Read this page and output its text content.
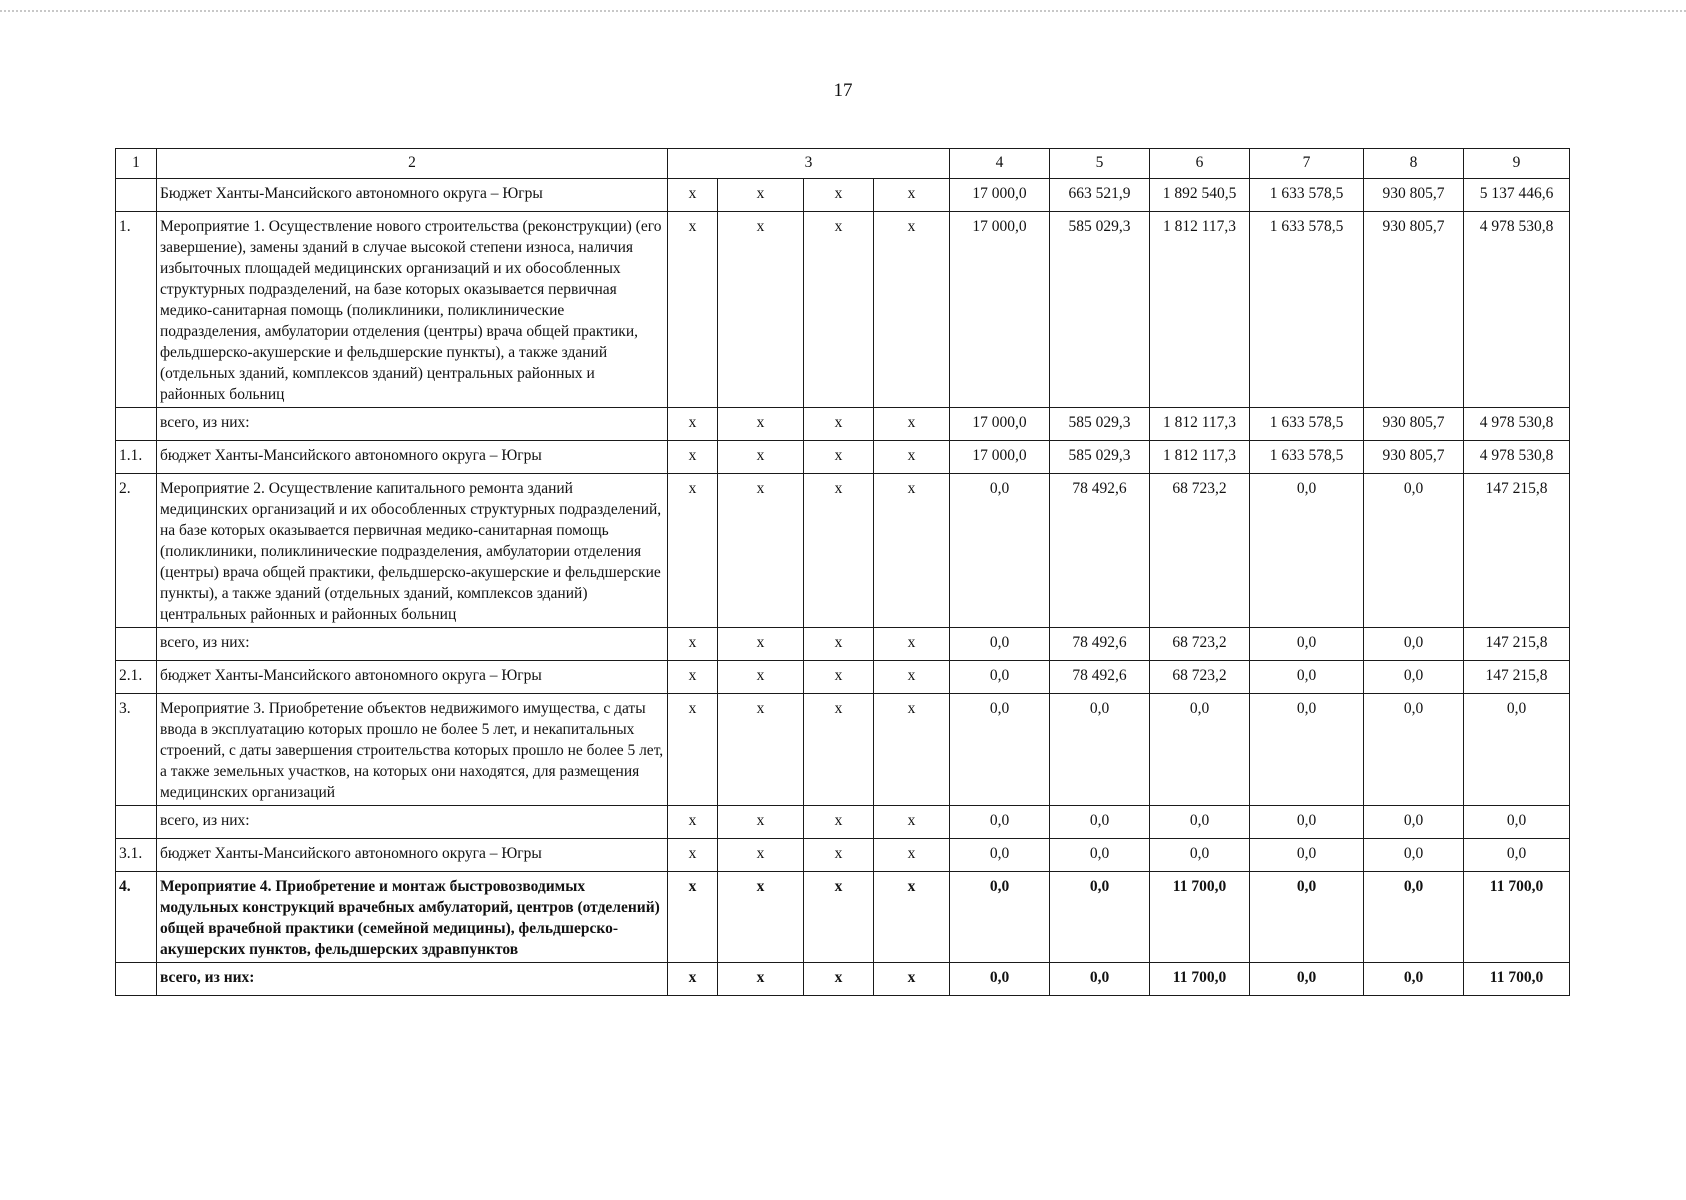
17
1	2	3				4	5	6	7	8	9
	Бюджет Ханты-Мансийского автономного округа – Югры	x	x	x	x	17 000,0	663 521,9	1 892 540,5	1 633 578,5	930 805,7	5 137 446,6
1.	Мероприятие 1. Осуществление нового строительства (реконструкции) (его завершение), замены зданий в случае высокой степени износа, наличия избыточных площадей медицинских организаций и их обособленных структурных подразделений, на базе которых оказывается первичная медико-санитарная помощь (поликлиники, поликлинические подразделения, амбулатории отделения (центры) врача общей практики, фельдшерско-акушерские и фельдшерские пункты), а также зданий (отдельных зданий, комплексов зданий) центральных районных и районных больниц	x	x	x	x	17 000,0	585 029,3	1 812 117,3	1 633 578,5	930 805,7	4 978 530,8
	всего, из них:	x	x	x	x	17 000,0	585 029,3	1 812 117,3	1 633 578,5	930 805,7	4 978 530,8
1.1.	бюджет Ханты-Мансийского автономного округа – Югры	x	x	x	x	17 000,0	585 029,3	1 812 117,3	1 633 578,5	930 805,7	4 978 530,8
2.	Мероприятие 2. Осуществление капитального ремонта зданий медицинских организаций и их обособленных структурных подразделений, на базе которых оказывается первичная медико-санитарная помощь (поликлиники, поликлинические подразделения, амбулатории отделения (центры) врача общей практики, фельдшерско-акушерские и фельдшерские пункты), а также зданий (отдельных зданий, комплексов зданий) центральных районных и районных больниц	x	x	x	x	0,0	78 492,6	68 723,2	0,0	0,0	147 215,8
	всего, из них:	x	x	x	x	0,0	78 492,6	68 723,2	0,0	0,0	147 215,8
2.1.	бюджет Ханты-Мансийского автономного округа – Югры	x	x	x	x	0,0	78 492,6	68 723,2	0,0	0,0	147 215,8
3.	Мероприятие 3. Приобретение объектов недвижимого имущества, с даты ввода в эксплуатацию которых прошло не более 5 лет, и некапитальных строений, с даты завершения строительства которых прошло не более 5 лет, а также земельных участков, на которых они находятся, для размещения медицинских организаций	x	x	x	x	0,0	0,0	0,0	0,0	0,0	0,0
	всего, из них:	x	x	x	x	0,0	0,0	0,0	0,0	0,0	0,0
3.1.	бюджет Ханты-Мансийского автономного округа – Югры	x	x	x	x	0,0	0,0	0,0	0,0	0,0	0,0
4.	Мероприятие 4. Приобретение и монтаж быстровозводимых модульных конструкций врачебных амбулаторий, центров (отделений) общей врачебной практики (семейной медицины), фельдшерско-акушерских пунктов, фельдшерских здравпунктов	x	x	x	x	0,0	0,0	11 700,0	0,0	0,0	11 700,0
	всего, из них:	x	x	x	x	0,0	0,0	11 700,0	0,0	0,0	11 700,0
